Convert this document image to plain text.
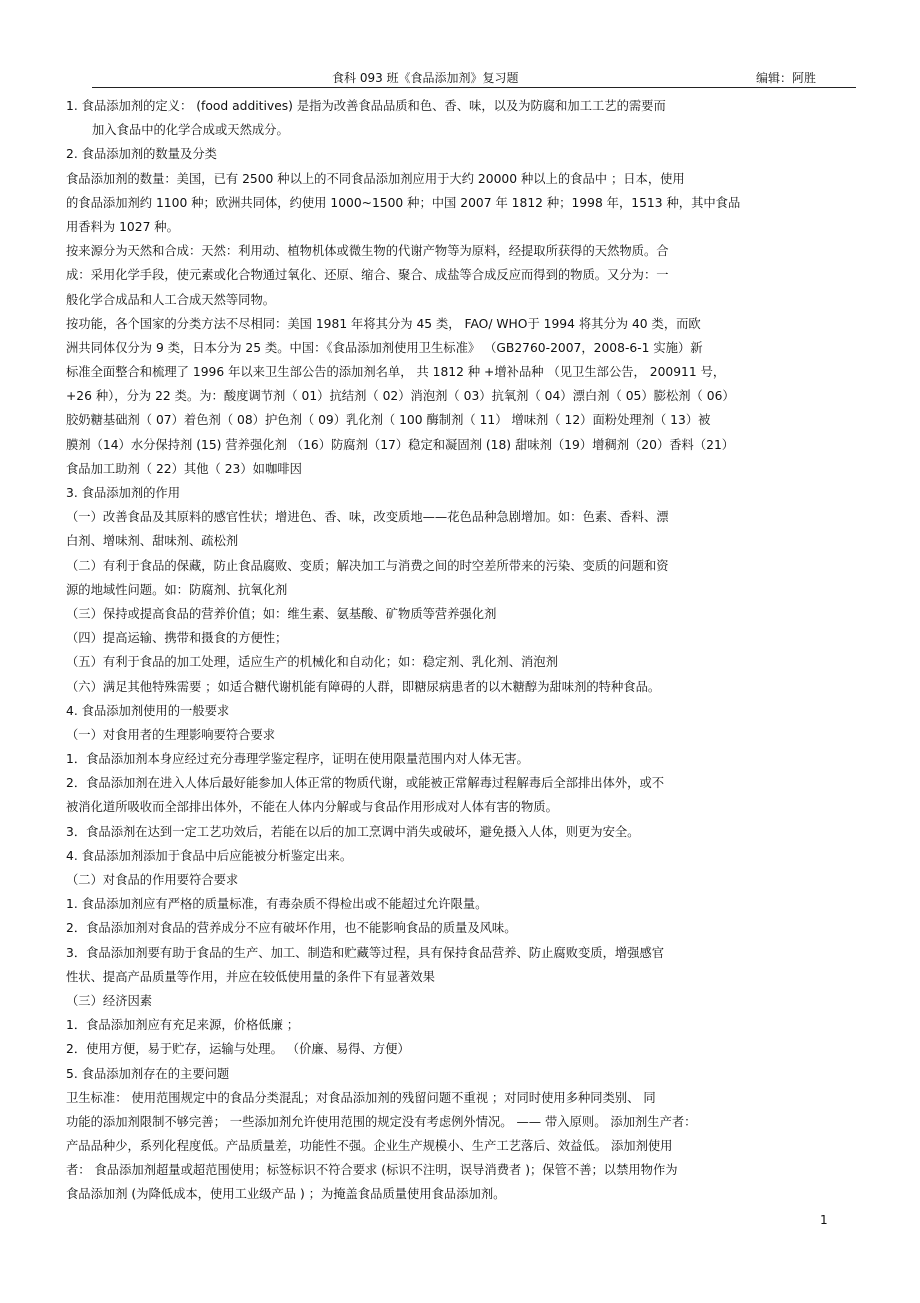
食科 093 班《食品添加剂》复习题	编辑：阿胜
1. 食品添加剂的定义： (food additives) 是指为改善食品品质和色、香、味，以及为防腐和加工工艺的需要而
加入食品中的化学合成或天然成分。
2. 食品添加剂的数量及分类
食品添加剂的数量：美国，已有 2500 种以上的不同食品添加剂应用于大约 20000 种以上的食品中 ；日本，使用
的食品添加剂约 1100 种；欧洲共同体，约使用 1000~1500 种；中国 2007 年 1812 种；1998 年，1513 种，其中食品
用香料为 1027 种。
按来源分为天然和合成：天然：利用动、植物机体或微生物的代谢产物等为原料，经提取所获得的天然物质。合
成：采用化学手段，使元素或化合物通过氧化、还原、缩合、聚合、成盐等合成反应而得到的物质。又分为：一
般化学合成品和人工合成天然等同物。
按功能，各个国家的分类方法不尽相同：美国 1981 年将其分为 45 类， FAO/ WHO于 1994 将其分为 40 类，而欧
洲共同体仅分为 9 类，日本分为 25 类。中国：《食品添加剂使用卫生标准》 （GB2760-2007，2008-6-1 实施）新
标准全面整合和梳理了 1996 年以来卫生部公告的添加剂名单， 共 1812 种 +增补品种 （见卫生部公告， 200911 号，
+26 种），分为 22 类。为：酸度调节剂（ 01）抗结剂（ 02）消泡剂（ 03）抗氧剂（ 04）漂白剂（ 05）膨松剂（ 06）
胶奶糖基础剂（ 07）着色剂（ 08）护色剂（ 09）乳化剂（ 100 酶制剂（ 11） 增味剂（ 12）面粉处理剂（ 13）被
膜剂（14）水分保持剂 (15) 营养强化剂 （16）防腐剂（17）稳定和凝固剂 (18) 甜味剂（19）增稠剂（20）香料（21）
食品加工助剂（ 22）其他（ 23）如咖啡因
3. 食品添加剂的作用
（一）改善食品及其原料的感官性状；增进色、香、味，改变质地——花色品种急剧增加。如：色素、香料、漂
白剂、增味剂、甜味剂、疏松剂
（二）有利于食品的保藏，防止食品腐败、变质；解决加工与消费之间的时空差所带来的污染、变质的问题和资
源的地域性问题。如：防腐剂、抗氧化剂
（三）保持或提高食品的营养价值；如：维生素、氨基酸、矿物质等营养强化剂
（四）提高运输、携带和摄食的方便性；
（五）有利于食品的加工处理，适应生产的机械化和自动化；如：稳定剂、乳化剂、消泡剂
（六）满足其他特殊需要 ；如适合糖代谢机能有障碍的人群，即糖尿病患者的以木糖醇为甜味剂的特种食品。
4. 食品添加剂使用的一般要求
（一）对食用者的生理影响要符合要求
1．食品添加剂本身应经过充分毒理学鉴定程序，证明在使用限量范围内对人体无害。
2．食品添加剂在进入人体后最好能参加人体正常的物质代谢，或能被正常解毒过程解毒后全部排出体外，或不
被消化道所吸收而全部排出体外，不能在人体内分解或与食品作用形成对人体有害的物质。
3．食品添剂在达到一定工艺功效后，若能在以后的加工烹调中消失或破坏，避免摄入人体，则更为安全。
4. 食品添加剂添加于食品中后应能被分析鉴定出来。
（二）对食品的作用要符合要求
1. 食品添加剂应有严格的质量标准，有毒杂质不得检出或不能超过允许限量。
2．食品添加剂对食品的营养成分不应有破坏作用，也不能影响食品的质量及风味。
3．食品添加剂要有助于食品的生产、加工、制造和贮藏等过程，具有保持食品营养、防止腐败变质，增强感官
性状、提高产品质量等作用，并应在较低使用量的条件下有显著效果
（三）经济因素
1．食品添加剂应有充足来源，价格低廉 ；
2．使用方便，易于贮存，运输与处理。 （价廉、易得、方便）
5. 食品添加剂存在的主要问题
卫生标准： 使用范围规定中的食品分类混乱；对食品添加剂的残留问题不重视 ；对同时使用多种同类别、 同
功能的添加剂限制不够完善； 一些添加剂允许使用范围的规定没有考虑例外情况。 —— 带入原则。 添加剂生产者：
产品品种少，系列化程度低。产品质量差，功能性不强。企业生产规模小、生产工艺落后、效益低。 添加剂使用
者： 食品添加剂超量或超范围使用；标签标识不符合要求 (标识不注明，误导消费者 )；保管不善；以禁用物作为
食品添加剂 (为降低成本，使用工业级产品 ) ；为掩盖食品质量使用食品添加剂。
1
